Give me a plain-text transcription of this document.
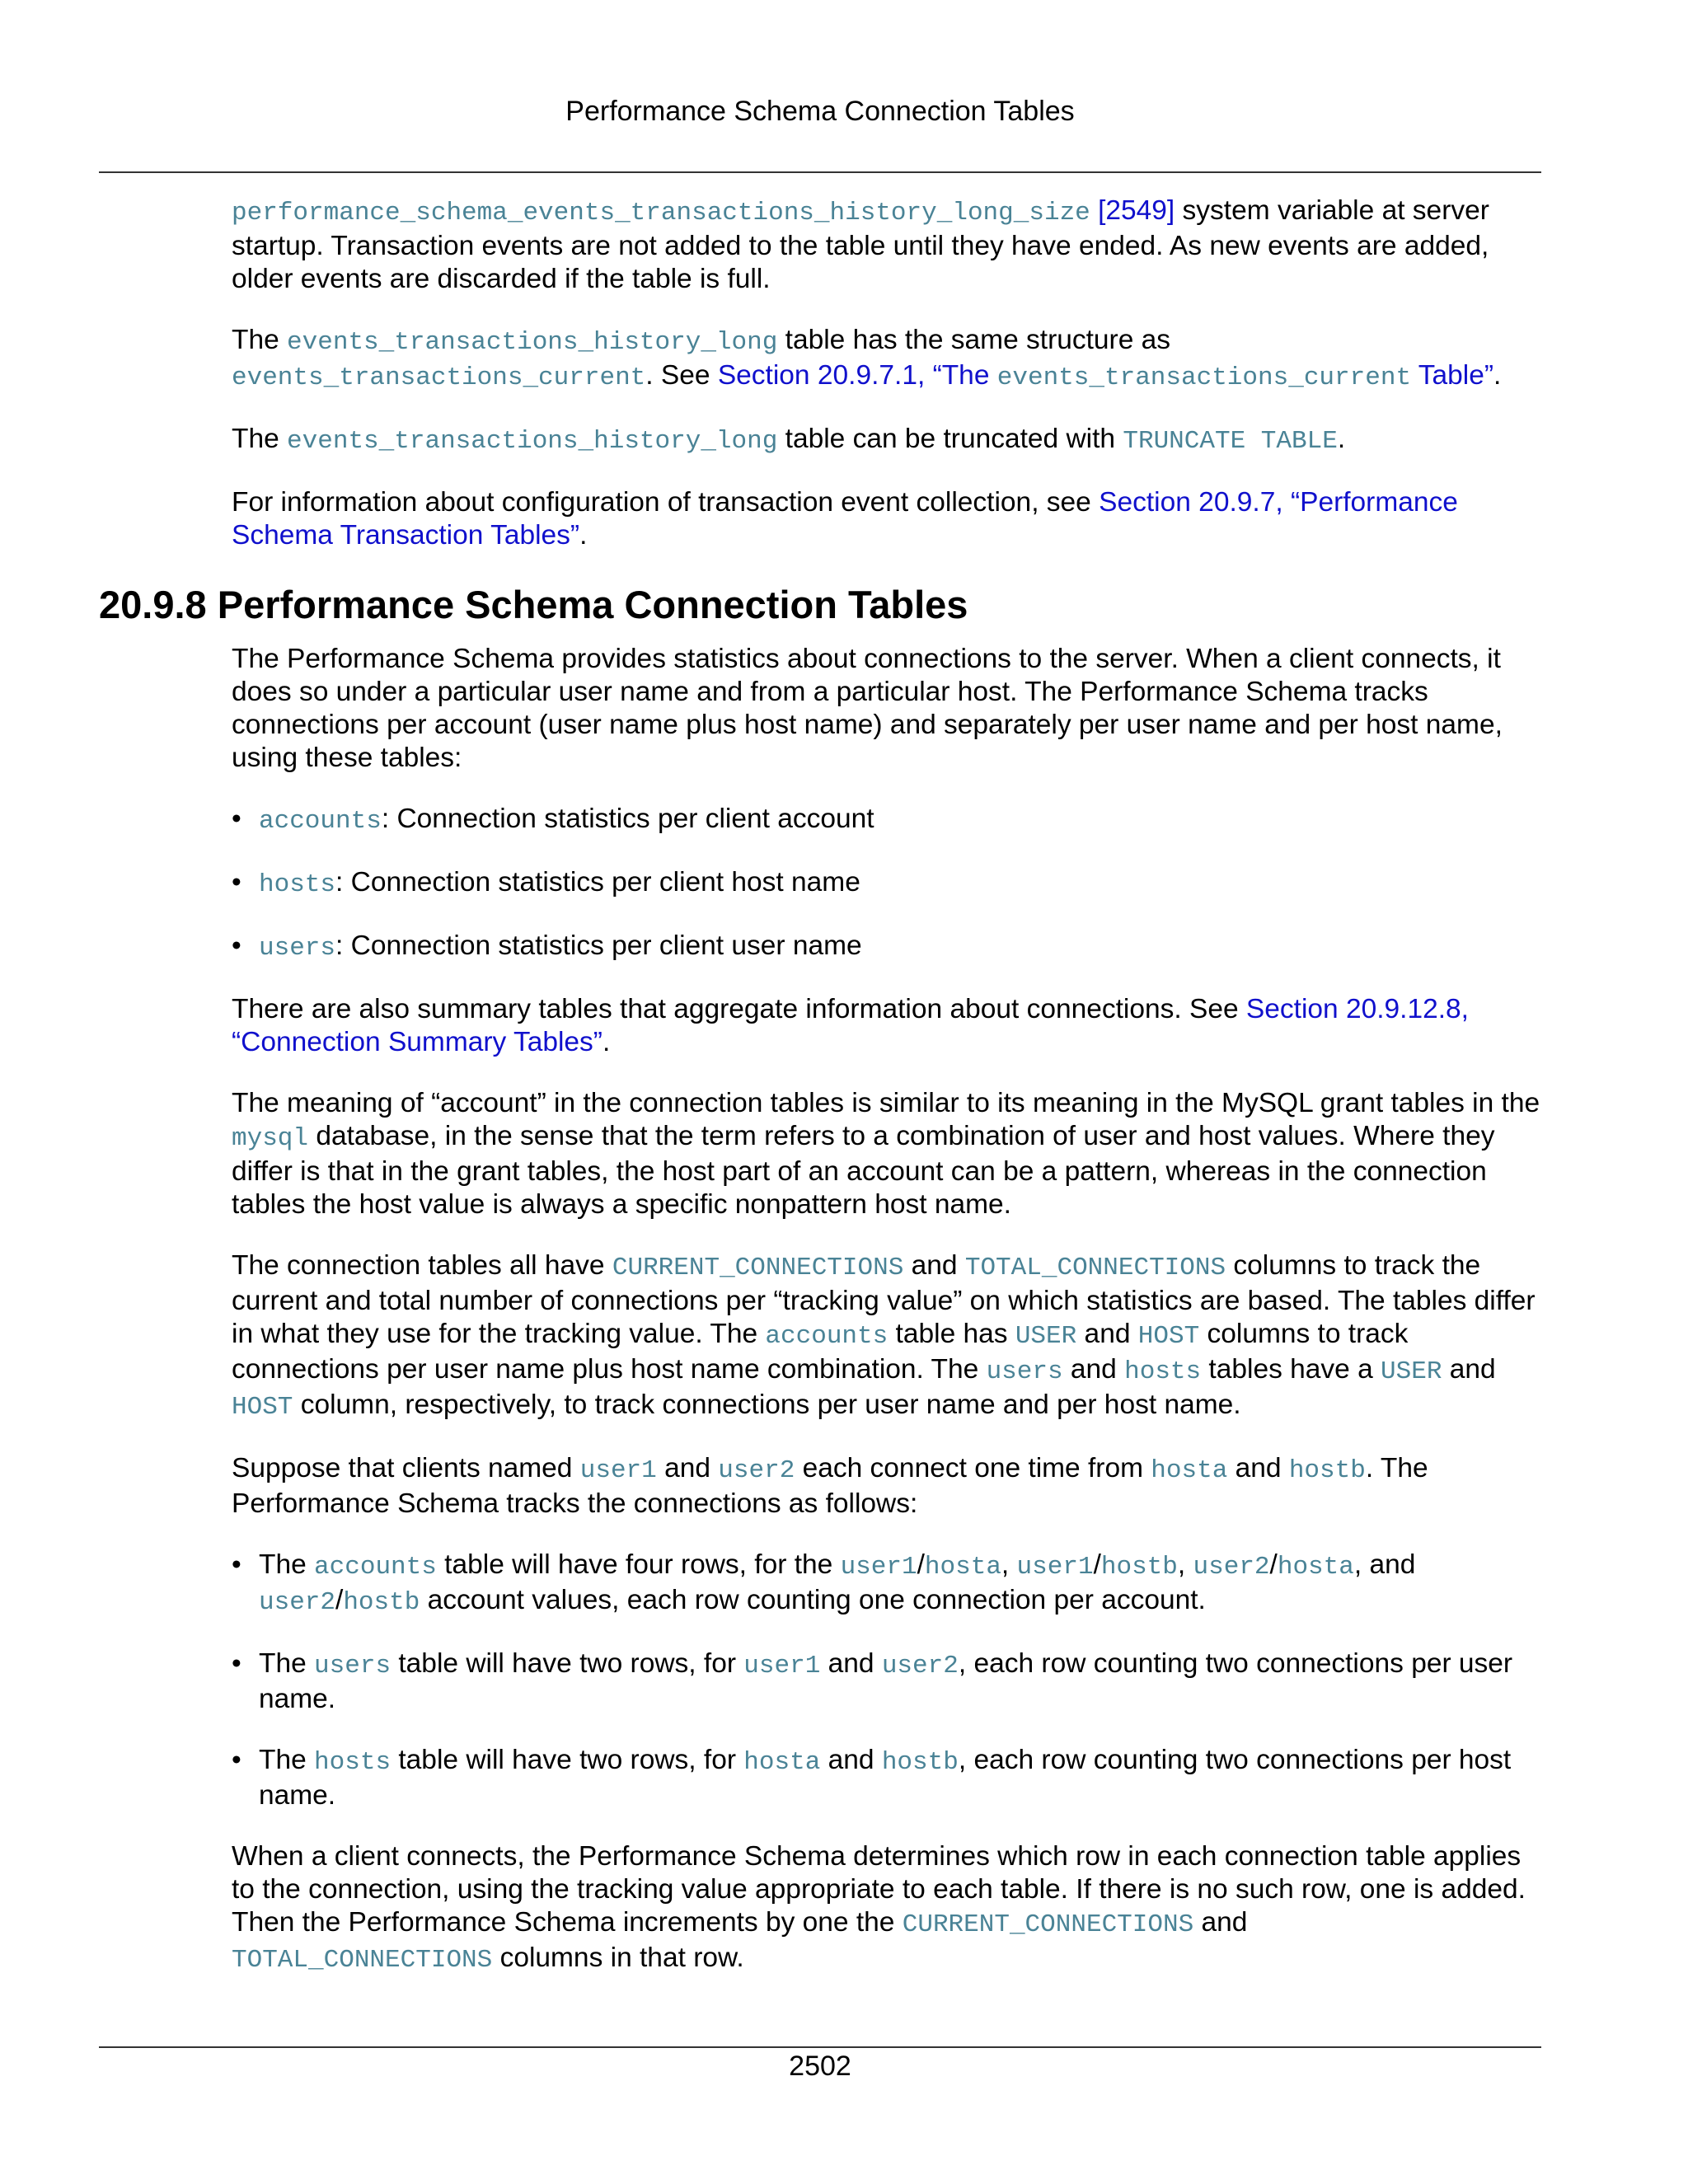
Performance Schema Connection Tables

performance_schema_events_transactions_history_long_size [2549] system variable at server startup. Transaction events are not added to the table until they have ended. As new events are added, older events are discarded if the table is full.

The events_transactions_history_long table has the same structure as
events_transactions_current. See Section 20.9.7.1, “The events_transactions_current Table”.

The events_transactions_history_long table can be truncated with TRUNCATE TABLE.

For information about configuration of transaction event collection, see Section 20.9.7, “Performance Schema Transaction Tables”.

20.9.8 Performance Schema Connection Tables

The Performance Schema provides statistics about connections to the server. When a client connects, it does so under a particular user name and from a particular host. The Performance Schema tracks connections per account (user name plus host name) and separately per user name and per host name, using these tables:

• accounts: Connection statistics per client account
• hosts: Connection statistics per client host name
• users: Connection statistics per client user name

There are also summary tables that aggregate information about connections. See Section 20.9.12.8, “Connection Summary Tables”.

The meaning of “account” in the connection tables is similar to its meaning in the MySQL grant tables in the mysql database, in the sense that the term refers to a combination of user and host values. Where they differ is that in the grant tables, the host part of an account can be a pattern, whereas in the connection tables the host value is always a specific nonpattern host name.

The connection tables all have CURRENT_CONNECTIONS and TOTAL_CONNECTIONS columns to track the current and total number of connections per “tracking value” on which statistics are based. The tables differ in what they use for the tracking value. The accounts table has USER and HOST columns to track connections per user name plus host name combination. The users and hosts tables have a USER and HOST column, respectively, to track connections per user name and per host name.

Suppose that clients named user1 and user2 each connect one time from hosta and hostb. The Performance Schema tracks the connections as follows:

• The accounts table will have four rows, for the user1/hosta, user1/hostb, user2/hosta, and user2/hostb account values, each row counting one connection per account.
• The users table will have two rows, for user1 and user2, each row counting two connections per user name.
• The hosts table will have two rows, for hosta and hostb, each row counting two connections per host name.

When a client connects, the Performance Schema determines which row in each connection table applies to the connection, using the tracking value appropriate to each table. If there is no such row, one is added. Then the Performance Schema increments by one the CURRENT_CONNECTIONS and
TOTAL_CONNECTIONS columns in that row.

2502
